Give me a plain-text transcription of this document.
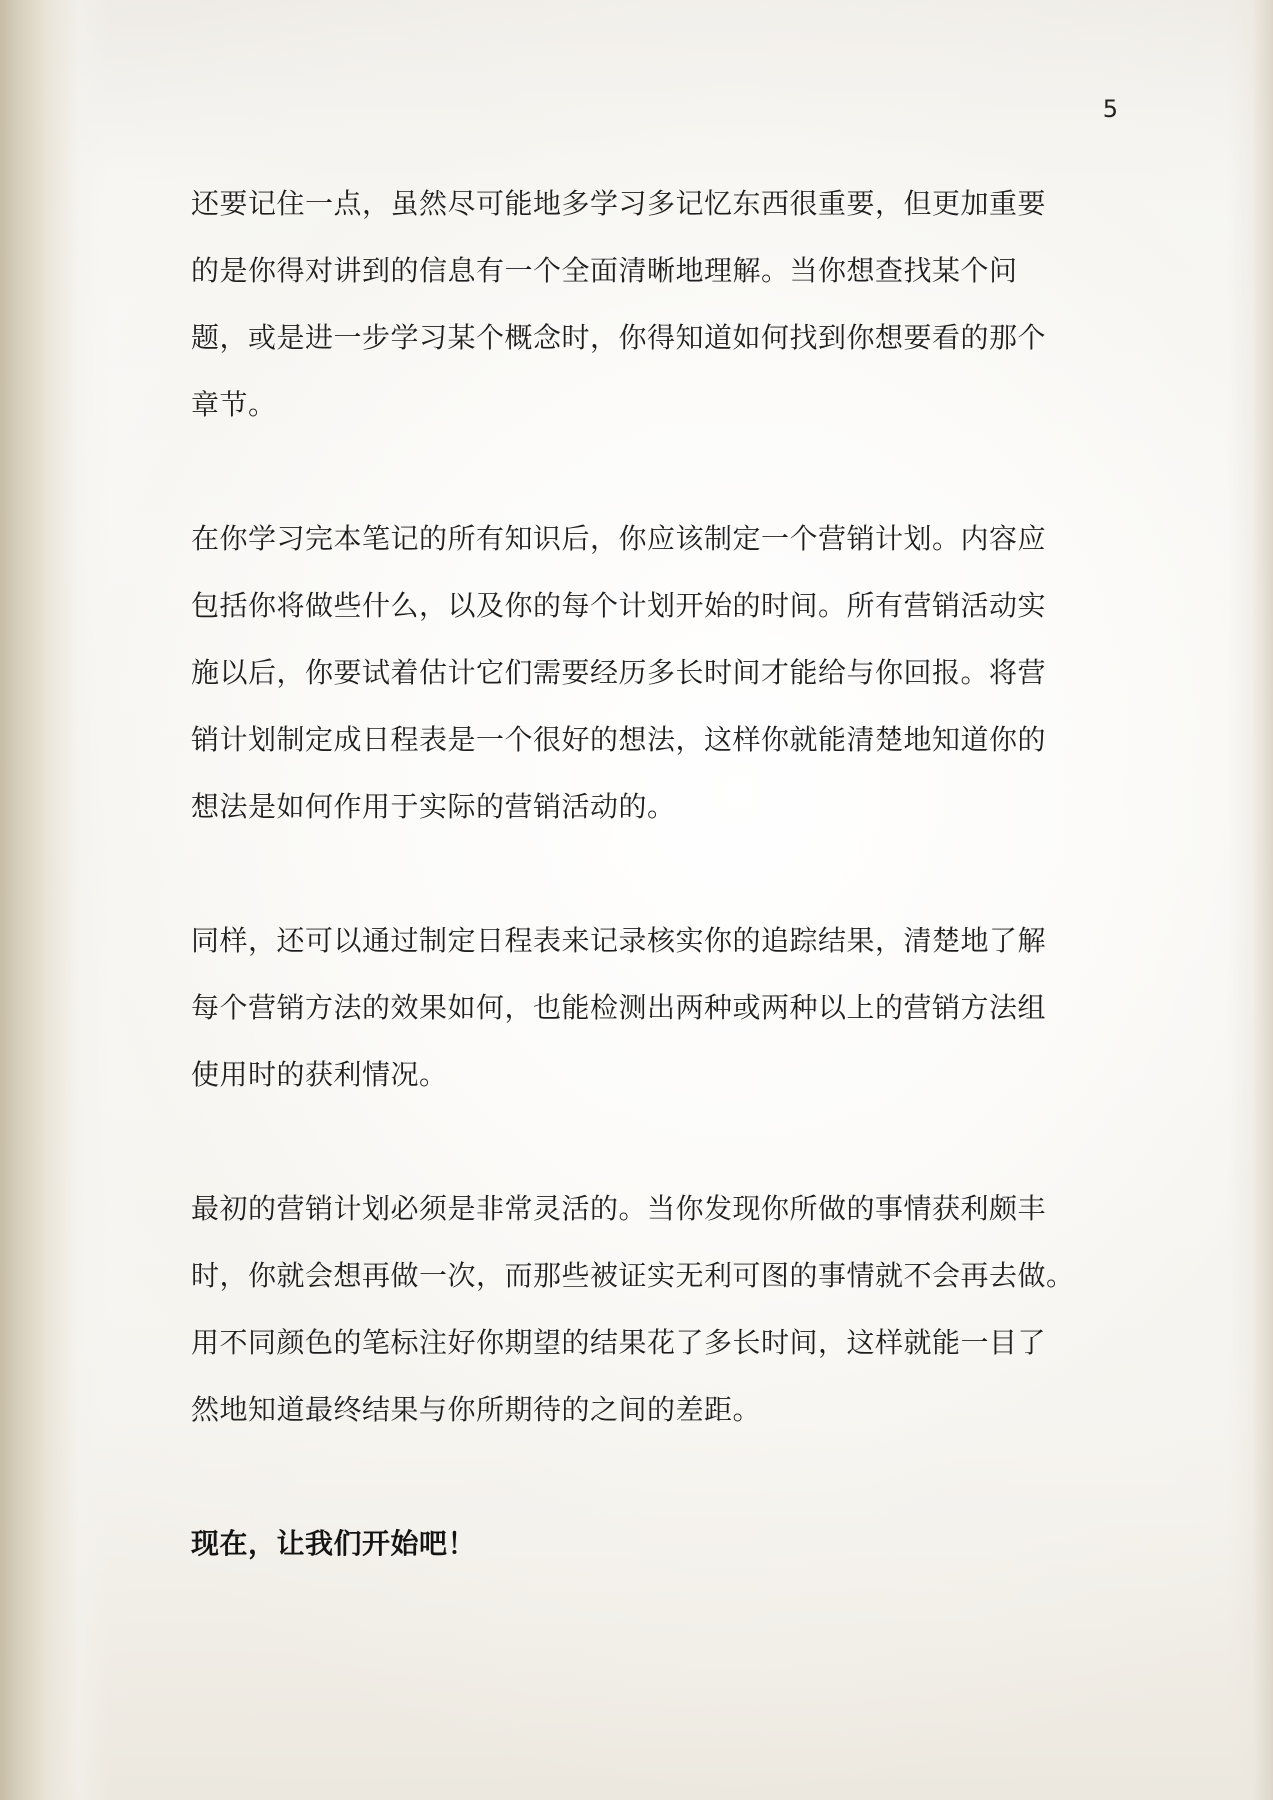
5

还要记住一点，虽然尽可能地多学习多记忆东西很重要，但更加重要
的是你得对讲到的信息有一个全面清晰地理解。当你想查找某个问
题，或是进一步学习某个概念时，你得知道如何找到你想要看的那个
章节。

在你学习完本笔记的所有知识后，你应该制定一个营销计划。内容应
包括你将做些什么，以及你的每个计划开始的时间。所有营销活动实
施以后，你要试着估计它们需要经历多长时间才能给与你回报。将营
销计划制定成日程表是一个很好的想法，这样你就能清楚地知道你的
想法是如何作用于实际的营销活动的。

同样，还可以通过制定日程表来记录核实你的追踪结果，清楚地了解
每个营销方法的效果如何，也能检测出两种或两种以上的营销方法组
使用时的获利情况。

最初的营销计划必须是非常灵活的。当你发现你所做的事情获利颇丰
时，你就会想再做一次，而那些被证实无利可图的事情就不会再去做。
用不同颜色的笔标注好你期望的结果花了多长时间，这样就能一目了
然地知道最终结果与你所期待的之间的差距。

现在，让我们开始吧！
